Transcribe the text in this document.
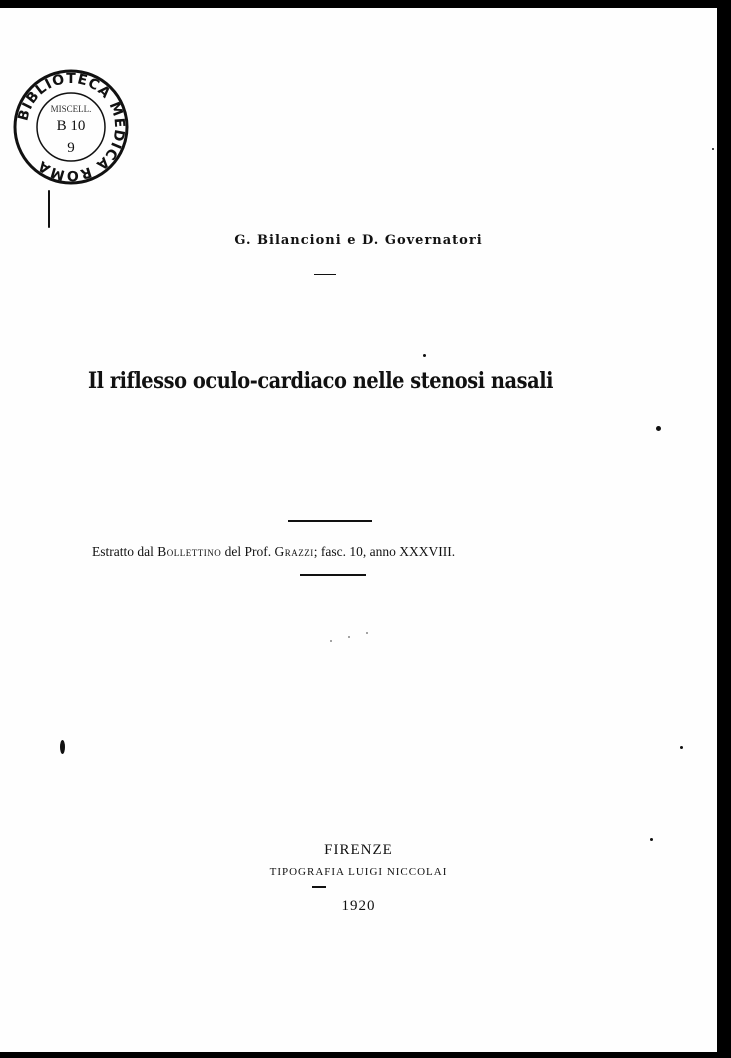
BIBLIOTECA MEDICA ROMA
MISCELL.
B 10
9
G. Bilancioni e D. Governatori
Il riflesso oculo-cardiaco nelle stenosi nasali
Estratto dal Bollettino del Prof. Grazzi; fasc. 10, anno XXXVIII.
FIRENZE
TIPOGRAFIA LUIGI NICCOLAI
1920
